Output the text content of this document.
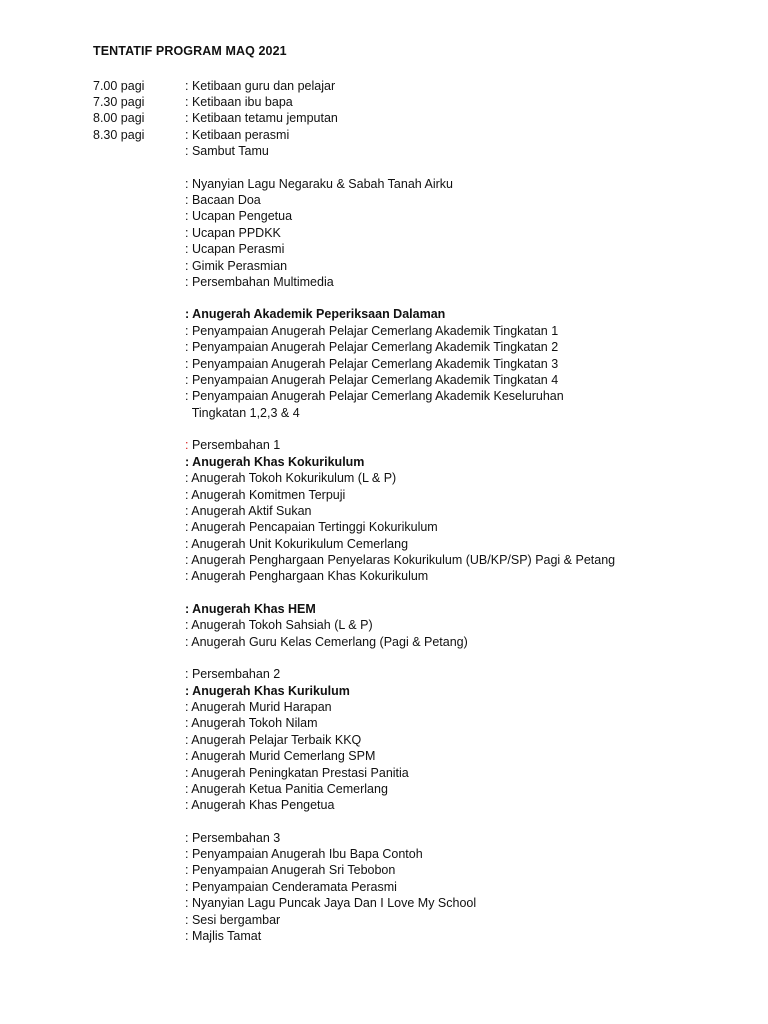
TENTATIF PROGRAM MAQ 2021
7.00 pagi	: Ketibaan guru dan pelajar
7.30 pagi	: Ketibaan ibu bapa
8.00 pagi	: Ketibaan tetamu jemputan
8.30 pagi	: Ketibaan perasmi
: Sambut Tamu
: Nyanyian Lagu Negaraku & Sabah Tanah Airku
: Bacaan Doa
: Ucapan Pengetua
: Ucapan PPDKK
: Ucapan Perasmi
: Gimik Perasmian
: Persembahan Multimedia
: Anugerah Akademik Peperiksaan Dalaman
: Penyampaian Anugerah Pelajar Cemerlang Akademik Tingkatan 1
: Penyampaian Anugerah Pelajar Cemerlang Akademik Tingkatan 2
: Penyampaian Anugerah Pelajar Cemerlang Akademik Tingkatan 3
: Penyampaian Anugerah Pelajar Cemerlang Akademik Tingkatan 4
: Penyampaian Anugerah Pelajar Cemerlang Akademik Keseluruhan
Tingkatan 1,2,3 & 4
: Persembahan 1
: Anugerah Khas Kokurikulum
: Anugerah Tokoh Kokurikulum (L & P)
: Anugerah Komitmen Terpuji
: Anugerah Aktif Sukan
: Anugerah Pencapaian Tertinggi Kokurikulum
: Anugerah Unit Kokurikulum Cemerlang
: Anugerah Penghargaan Penyelaras Kokurikulum (UB/KP/SP) Pagi & Petang
: Anugerah Penghargaan Khas Kokurikulum
: Anugerah Khas HEM
: Anugerah Tokoh Sahsiah (L & P)
: Anugerah Guru Kelas Cemerlang (Pagi & Petang)
: Persembahan 2
: Anugerah Khas Kurikulum
: Anugerah Murid Harapan
: Anugerah Tokoh Nilam
: Anugerah Pelajar Terbaik KKQ
: Anugerah Murid Cemerlang SPM
: Anugerah Peningkatan Prestasi Panitia
: Anugerah Ketua Panitia Cemerlang
: Anugerah Khas Pengetua
: Persembahan 3
: Penyampaian Anugerah Ibu Bapa Contoh
: Penyampaian Anugerah Sri Tebobon
: Penyampaian Cenderamata Perasmi
: Nyanyian Lagu Puncak Jaya Dan I Love My School
: Sesi bergambar
: Majlis Tamat
